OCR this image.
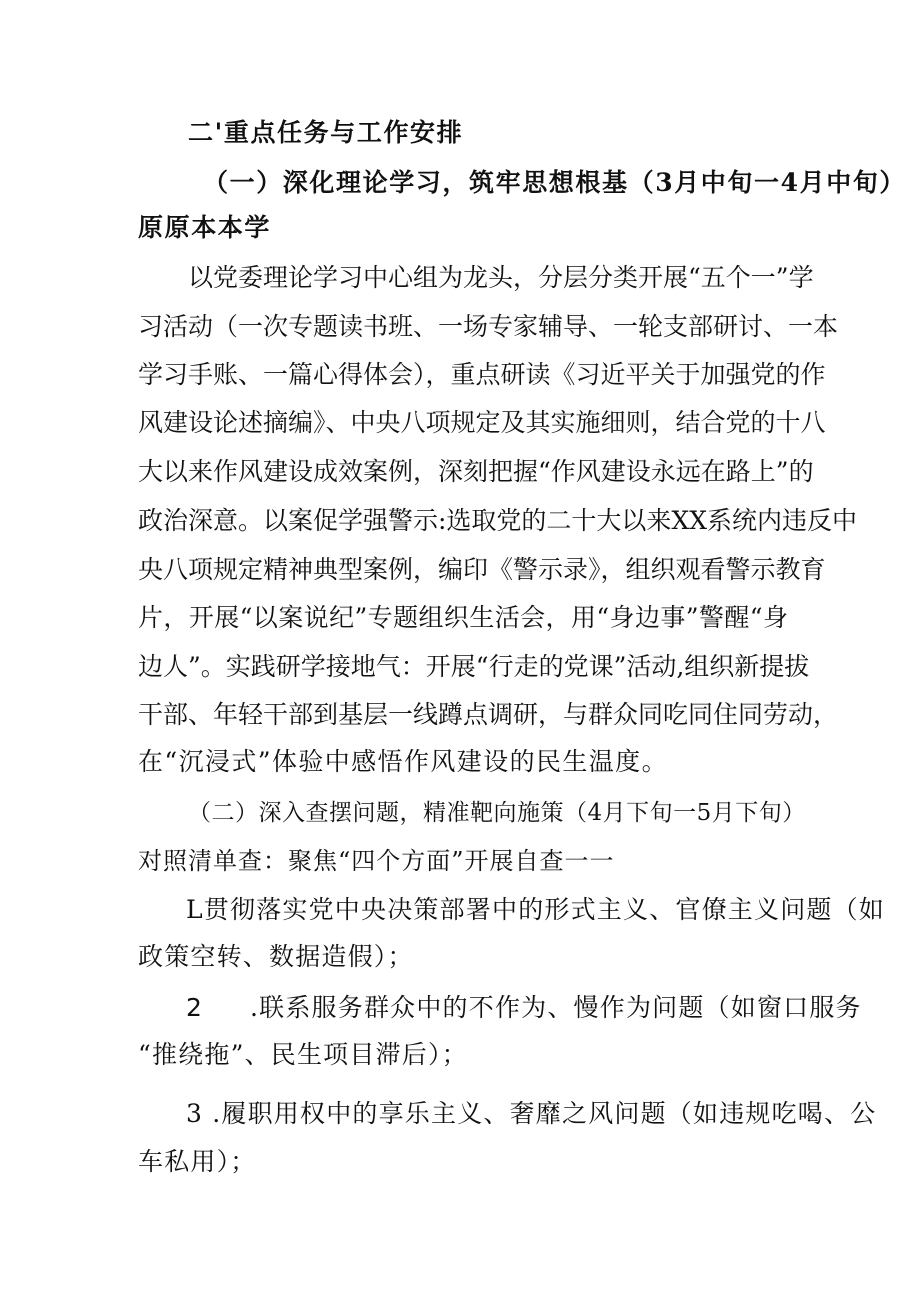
二'重点任务与工作安排
（一）深化理论学习，筑牢思想根基（3月中旬一4月中旬）
原原本本学
以党委理论学习中心组为龙头，分层分类开展“五个一”学
习活动（一次专题读书班、一场专家辅导、一轮支部研讨、一本
学习手账、一篇心得体会），重点研读《习近平关于加强党的作
风建设论述摘编》、中央八项规定及其实施细则，结合党的十八
大以来作风建设成效案例，深刻把握“作风建设永远在路上”的
政治深意。以案促学强警示:选取党的二十大以来XX系统内违反中
央八项规定精神典型案例，编印《警示录》，组织观看警示教育
片，开展“以案说纪”专题组织生活会，用“身边事”警醒“身
边人”。实践研学接地气：开展“行走的党课”活动,组织新提拔
干部、年轻干部到基层一线蹲点调研，与群众同吃同住同劳动，
在“沉浸式”体验中感悟作风建设的民生温度。
（二）深入查摆问题，精准靶向施策（4月下旬一5月下旬）
对照清单查：聚焦“四个方面”开展自查一一
L贯彻落实党中央决策部署中的形式主义、官僚主义问题（如
政策空转、数据造假）；
2 .联系服务群众中的不作为、慢作为问题（如窗口服务
“推绕拖”、民生项目滞后）；
3 .履职用权中的享乐主义、奢靡之风问题（如违规吃喝、公
车私用）；
